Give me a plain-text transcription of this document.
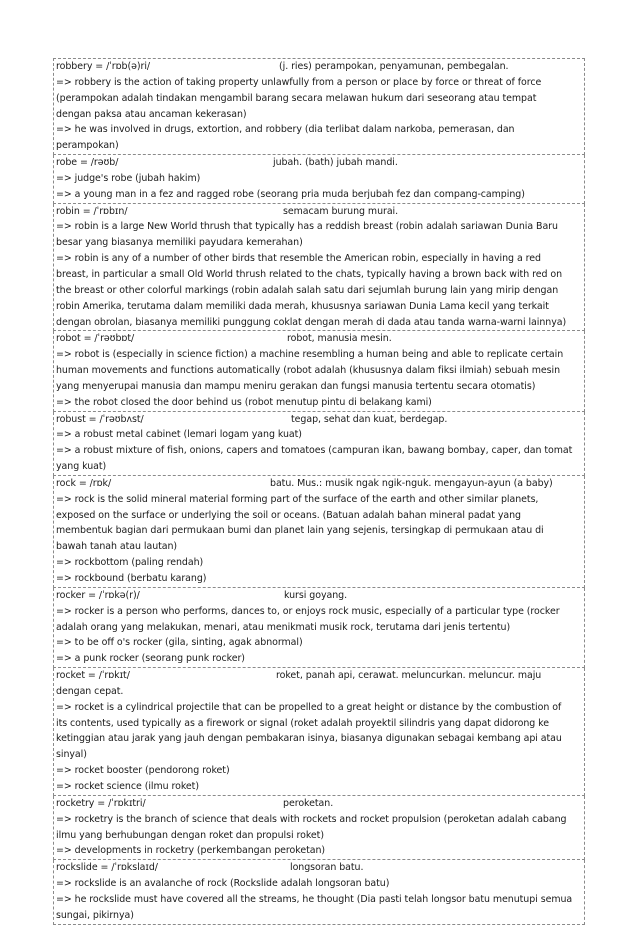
robbery = /ˈrɒb(ə)ri/	(j. ries) perampokan, penyamunan, pembegalan.
=> robbery is the action of taking property unlawfully from a person or place by force or threat of force
(perampokan adalah tindakan mengambil barang secara melawan hukum dari seseorang atau tempat
dengan paksa atau ancaman kekerasan)
=> he was involved in drugs, extortion, and robbery (dia terlibat dalam narkoba, pemerasan, dan
perampokan)
robe = /rəʊb/	jubah. (bath) jubah mandi.
=> judge's robe (jubah hakim)
=> a young man in a fez and ragged robe (seorang pria muda berjubah fez dan compang-camping)
robin = /ˈrɒbɪn/	semacam burung murai.
=> robin is a large New World thrush that typically has a reddish breast (robin adalah sariawan Dunia Baru
besar yang biasanya memiliki payudara kemerahan)
=> robin is any of a number of other birds that resemble the American robin, especially in having a red
breast, in particular a small Old World thrush related to the chats, typically having a brown back with red on
the breast or other colorful markings (robin adalah salah satu dari sejumlah burung lain yang mirip dengan
robin Amerika, terutama dalam memiliki dada merah, khususnya sariawan Dunia Lama kecil yang terkait
dengan obrolan, biasanya memiliki punggung coklat dengan merah di dada atau tanda warna-warni lainnya)
robot = /ˈrəʊbɒt/	robot, manusia mesin.
=> robot is (especially in science fiction) a machine resembling a human being and able to replicate certain
human movements and functions automatically (robot adalah (khususnya dalam fiksi ilmiah) sebuah mesin
yang menyerupai manusia dan mampu meniru gerakan dan fungsi manusia tertentu secara otomatis)
=> the robot closed the door behind us (robot menutup pintu di belakang kami)
robust = /ˈrəʊbʌst/	tegap, sehat dan kuat, berdegap.
=> a robust metal cabinet (lemari logam yang kuat)
=> a robust mixture of fish, onions, capers and tomatoes (campuran ikan, bawang bombay, caper, dan tomat
yang kuat)
rock = /rɒk/	batu. Mus.: musik ngak ngik-nguk. mengayun-ayun (a baby)
=> rock is the solid mineral material forming part of the surface of the earth and other similar planets,
exposed on the surface or underlying the soil or oceans. (Batuan adalah bahan mineral padat yang
membentuk bagian dari permukaan bumi dan planet lain yang sejenis, tersingkap di permukaan atau di
bawah tanah atau lautan)
=> rockbottom (paling rendah)
=> rockbound (berbatu karang)
rocker = /ˈrɒkə(r)/	kursi goyang.
=> rocker is a person who performs, dances to, or enjoys rock music, especially of a particular type (rocker
adalah orang yang melakukan, menari, atau menikmati musik rock, terutama dari jenis tertentu)
=> to be off o's rocker (gila, sinting, agak abnormal)
=> a punk rocker (seorang punk rocker)
rocket = /ˈrɒkɪt/	roket, panah api, cerawat. meluncurkan. meluncur. maju
dengan cepat.
=> rocket is a cylindrical projectile that can be propelled to a great height or distance by the combustion of
its contents, used typically as a firework or signal (roket adalah proyektil silindris yang dapat didorong ke
ketinggian atau jarak yang jauh dengan pembakaran isinya, biasanya digunakan sebagai kembang api atau
sinyal)
=> rocket booster (pendorong roket)
=> rocket science (ilmu roket)
rocketry = /ˈrɒkɪtri/	peroketan.
=> rocketry is the branch of science that deals with rockets and rocket propulsion (peroketan adalah cabang
ilmu yang berhubungan dengan roket dan propulsi roket)
=> developments in rocketry (perkembangan peroketan)
rockslide = /ˈrɒkslaɪd/	longsoran batu.
=> rockslide is an avalanche of rock (Rockslide adalah longsoran batu)
=> he rockslide must have covered all the streams, he thought (Dia pasti telah longsor batu menutupi semua
sungai, pikirnya)
